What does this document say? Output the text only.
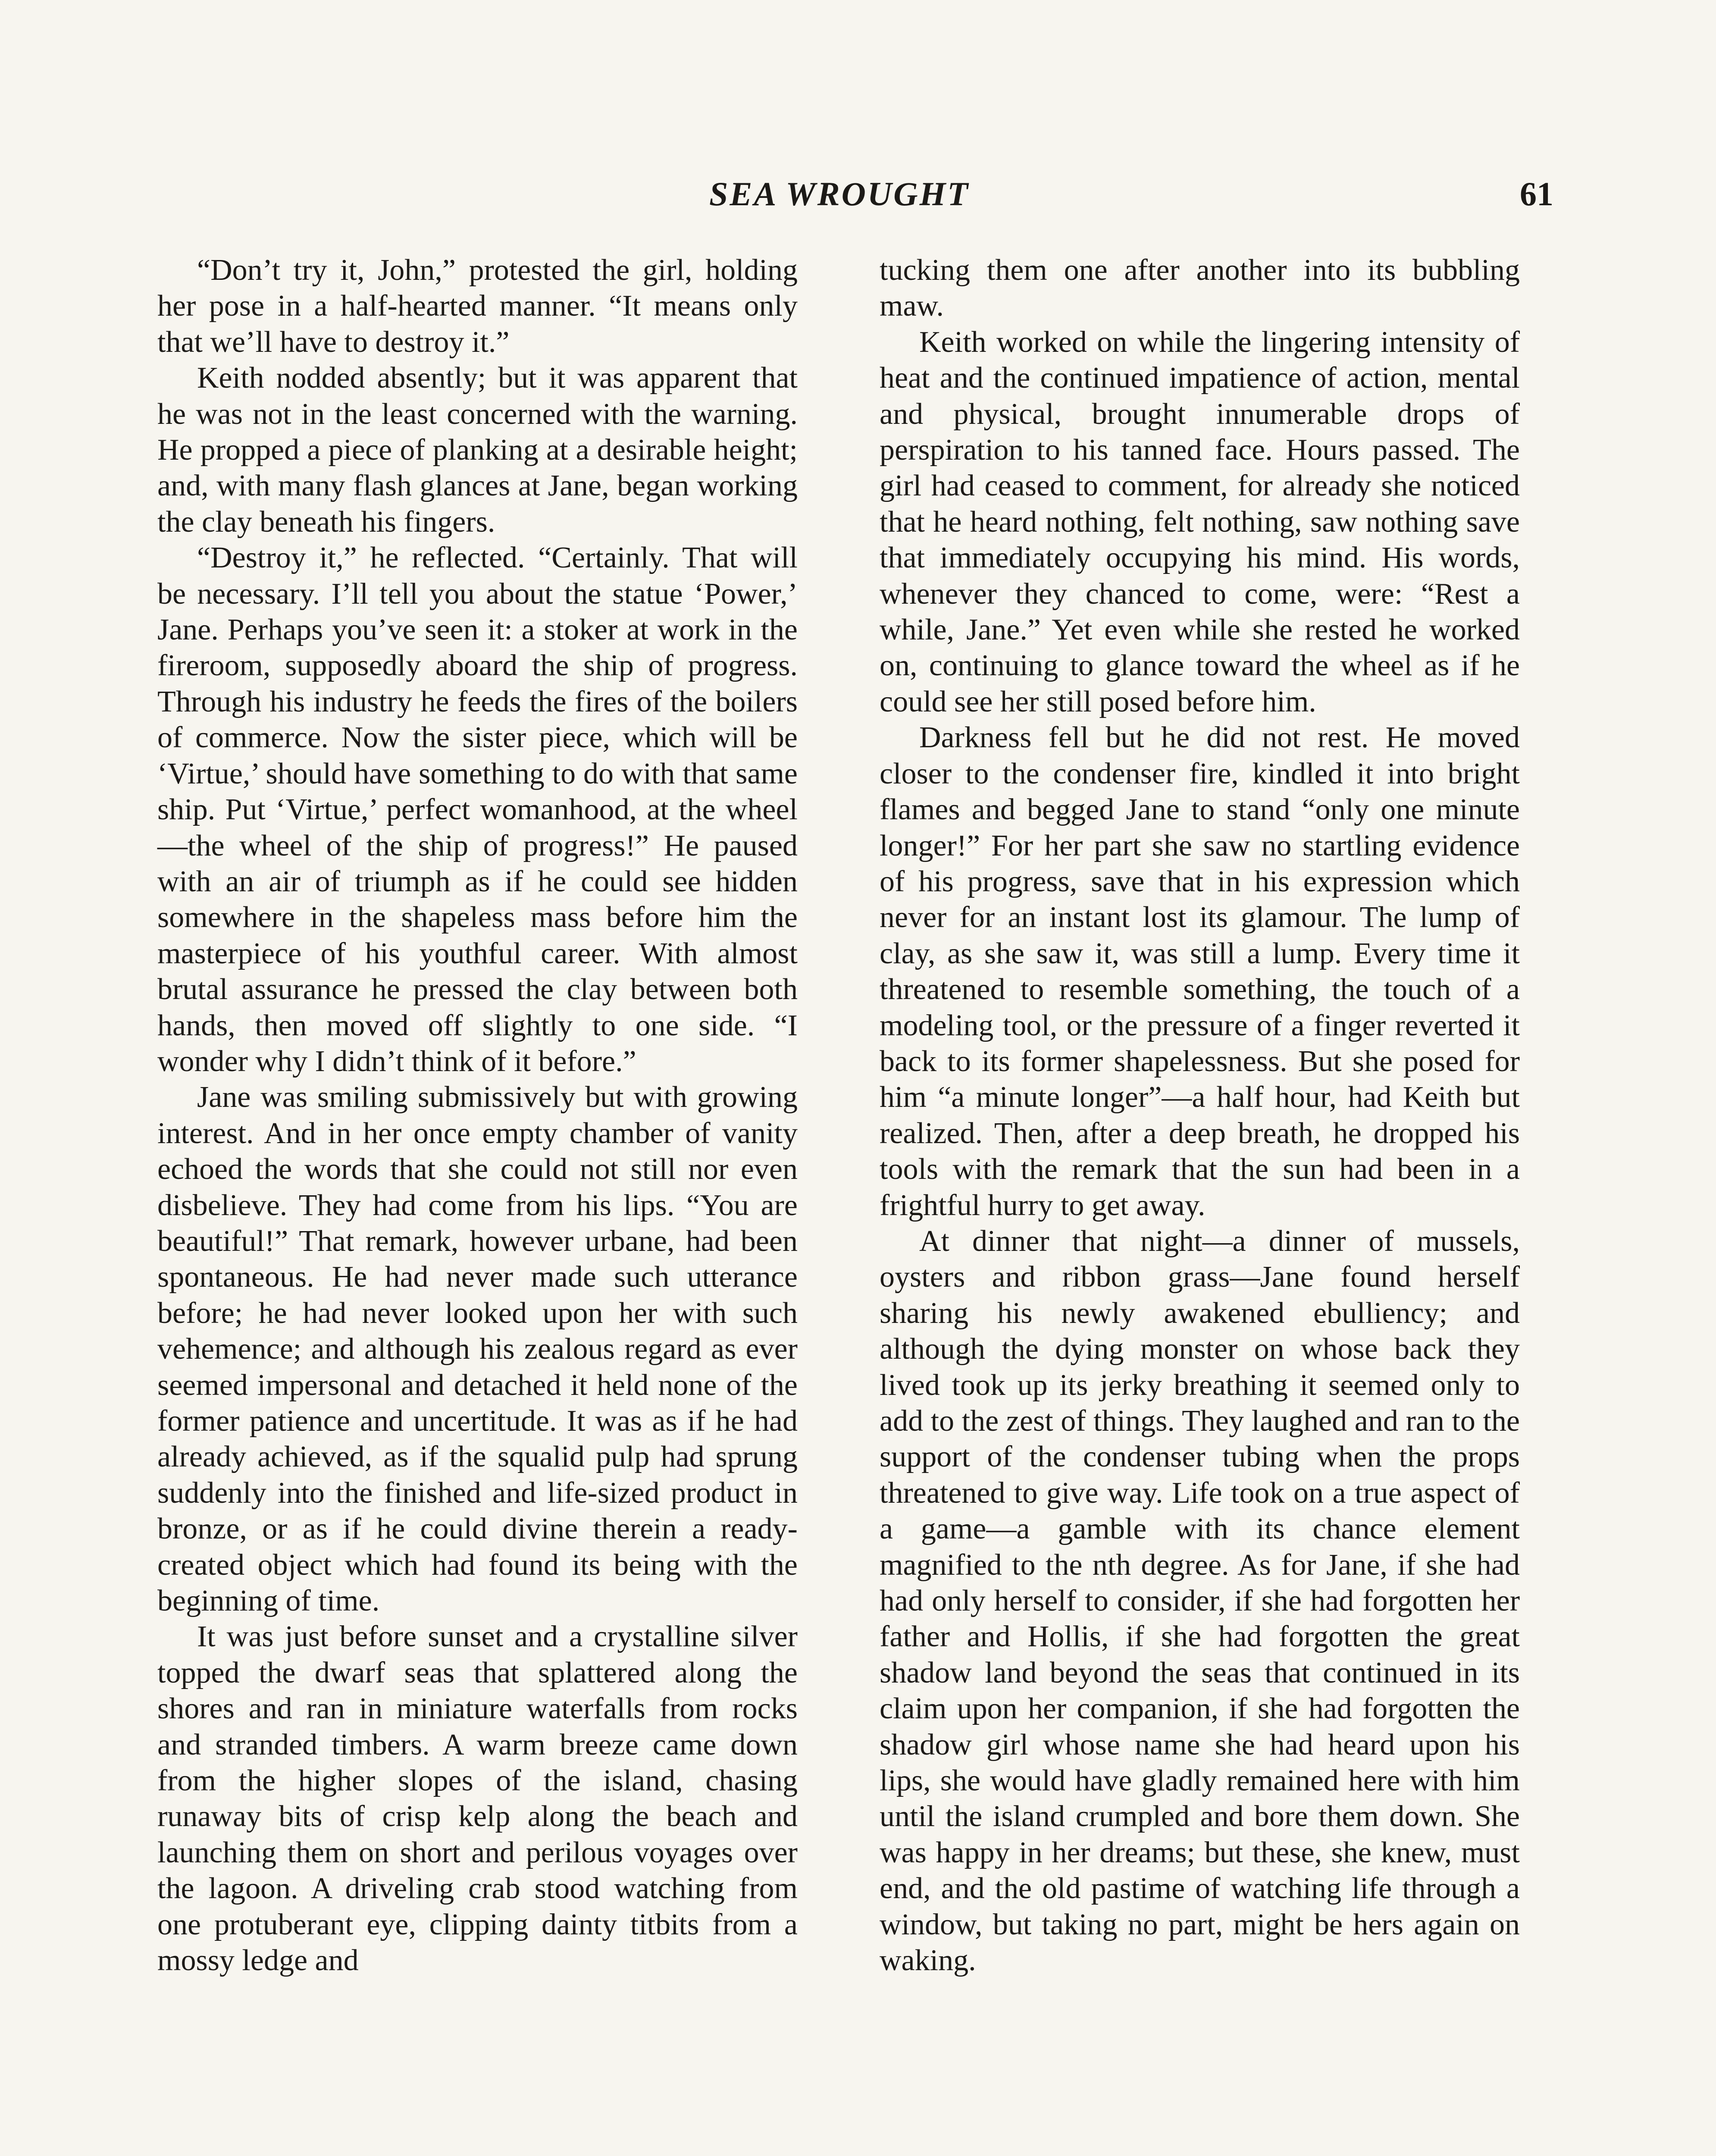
SEA WROUGHT	61

“Don’t try it, John,” protested the girl, holding her pose in a half-hearted manner. “It means only that we’ll have to destroy it.”

Keith nodded absently; but it was apparent that he was not in the least concerned with the warning. He propped a piece of planking at a desirable height; and, with many flash glances at Jane, began working the clay beneath his fingers.

“Destroy it,” he reflected. “Certainly. That will be necessary. I’ll tell you about the statue ‘Power,’ Jane. Perhaps you’ve seen it: a stoker at work in the fireroom, supposedly aboard the ship of progress. Through his industry he feeds the fires of the boilers of commerce. Now the sister piece, which will be ‘Virtue,’ should have something to do with that same ship. Put ‘Virtue,’ perfect womanhood, at the wheel—the wheel of the ship of progress!” He paused with an air of triumph as if he could see hidden somewhere in the shapeless mass before him the masterpiece of his youthful career. With almost brutal assurance he pressed the clay between both hands, then moved off slightly to one side. “I wonder why I didn’t think of it before.”

Jane was smiling submissively but with growing interest. And in her once empty chamber of vanity echoed the words that she could not still nor even disbelieve. They had come from his lips. “You are beautiful!” That remark, however urbane, had been spontaneous. He had never made such utterance before; he had never looked upon her with such vehemence; and although his zealous regard as ever seemed impersonal and detached it held none of the former patience and uncertitude. It was as if he had already achieved, as if the squalid pulp had sprung suddenly into the finished and life-sized product in bronze, or as if he could divine therein a ready-created object which had found its being with the beginning of time.

It was just before sunset and a crystalline silver topped the dwarf seas that splattered along the shores and ran in miniature waterfalls from rocks and stranded timbers. A warm breeze came down from the higher slopes of the island, chasing runaway bits of crisp kelp along the beach and launching them on short and perilous voyages over the lagoon. A driveling crab stood watching from one protuberant eye, clipping dainty titbits from a mossy ledge and

tucking them one after another into its bubbling maw.

Keith worked on while the lingering intensity of heat and the continued impatience of action, mental and physical, brought innumerable drops of perspiration to his tanned face. Hours passed. The girl had ceased to comment, for already she noticed that he heard nothing, felt nothing, saw nothing save that immediately occupying his mind. His words, whenever they chanced to come, were: “Rest a while, Jane.” Yet even while she rested he worked on, continuing to glance toward the wheel as if he could see her still posed before him.

Darkness fell but he did not rest. He moved closer to the condenser fire, kindled it into bright flames and begged Jane to stand “only one minute longer!” For her part she saw no startling evidence of his progress, save that in his expression which never for an instant lost its glamour. The lump of clay, as she saw it, was still a lump. Every time it threatened to resemble something, the touch of a modeling tool, or the pressure of a finger reverted it back to its former shapelessness. But she posed for him “a minute longer”—a half hour, had Keith but realized. Then, after a deep breath, he dropped his tools with the remark that the sun had been in a frightful hurry to get away.

At dinner that night—a dinner of mussels, oysters and ribbon grass—Jane found herself sharing his newly awakened ebulliency; and although the dying monster on whose back they lived took up its jerky breathing it seemed only to add to the zest of things. They laughed and ran to the support of the condenser tubing when the props threatened to give way. Life took on a true aspect of a game—a gamble with its chance element magnified to the nth degree. As for Jane, if she had had only herself to consider, if she had forgotten her father and Hollis, if she had forgotten the great shadow land beyond the seas that continued in its claim upon her companion, if she had forgotten the shadow girl whose name she had heard upon his lips, she would have gladly remained here with him until the island crumpled and bore them down. She was happy in her dreams; but these, she knew, must end, and the old pastime of watching life through a window, but taking no part, might be hers again on waking.
